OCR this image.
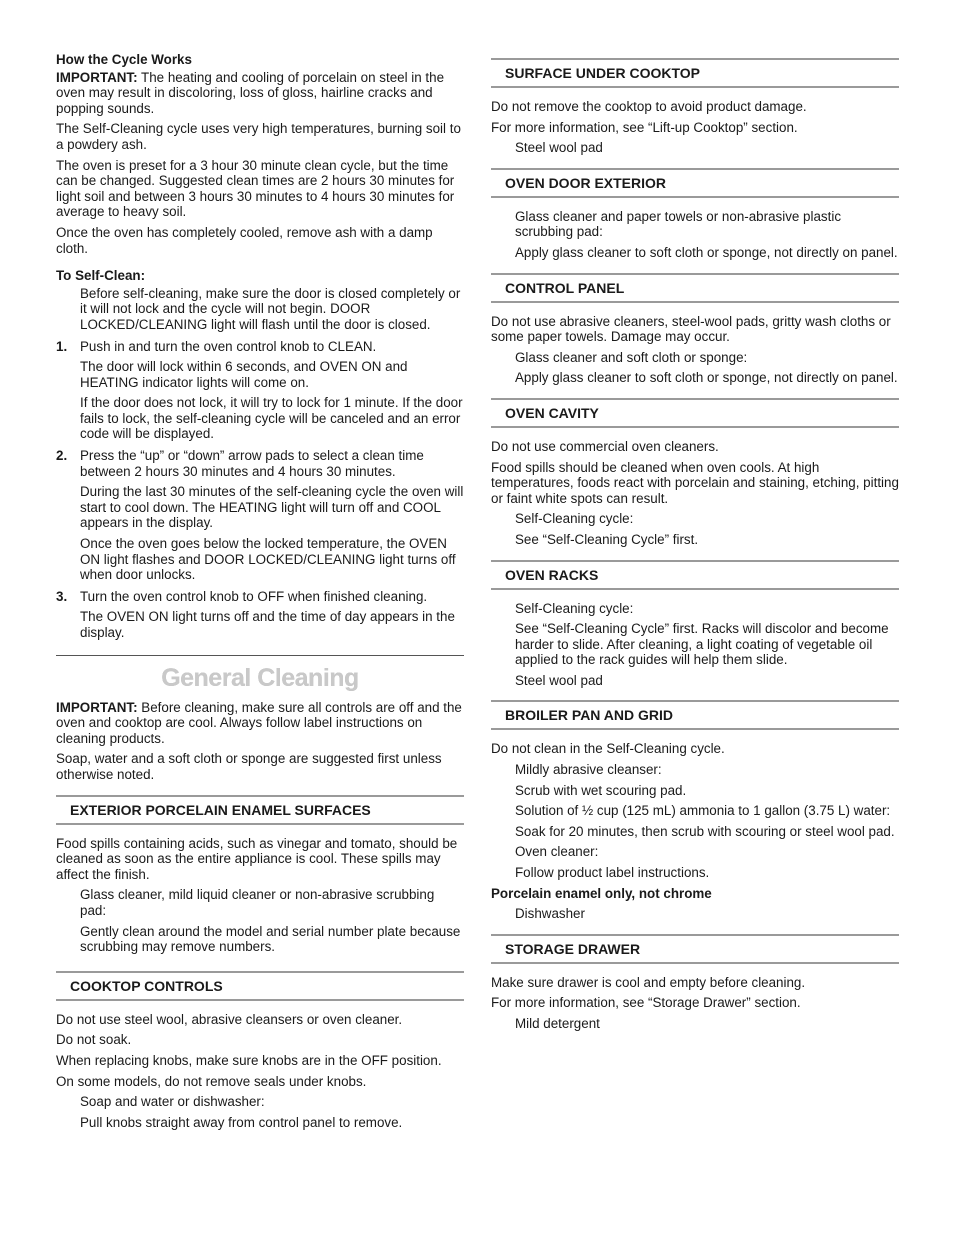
How the Cycle Works

IMPORTANT: The heating and cooling of porcelain on steel in the oven may result in discoloring, loss of gloss, hairline cracks and popping sounds.

The Self-Cleaning cycle uses very high temperatures, burning soil to a powdery ash.

The oven is preset for a 3 hour 30 minute clean cycle, but the time can be changed. Suggested clean times are 2 hours 30 minutes for light soil and between 3 hours 30 minutes to 4 hours 30 minutes for average to heavy soil.

Once the oven has completely cooled, remove ash with a damp cloth.

To Self-Clean:

Before self-cleaning, make sure the door is closed completely or it will not lock and the cycle will not begin. DOOR LOCKED/CLEANING light will flash until the door is closed.

1. Push in and turn the oven control knob to CLEAN.

The door will lock within 6 seconds, and OVEN ON and HEATING indicator lights will come on.

If the door does not lock, it will try to lock for 1 minute. If the door fails to lock, the self-cleaning cycle will be canceled and an error code will be displayed.

2. Press the “up” or “down” arrow pads to select a clean time between 2 hours 30 minutes and 4 hours 30 minutes.

During the last 30 minutes of the self-cleaning cycle the oven will start to cool down. The HEATING light will turn off and COOL appears in the display.

Once the oven goes below the locked temperature, the OVEN ON light flashes and DOOR LOCKED/CLEANING light turns off when door unlocks.

3. Turn the oven control knob to OFF when finished cleaning.

The OVEN ON light turns off and the time of day appears in the display.

General Cleaning

IMPORTANT: Before cleaning, make sure all controls are off and the oven and cooktop are cool. Always follow label instructions on cleaning products.

Soap, water and a soft cloth or sponge are suggested first unless otherwise noted.

EXTERIOR PORCELAIN ENAMEL SURFACES

Food spills containing acids, such as vinegar and tomato, should be cleaned as soon as the entire appliance is cool. These spills may affect the finish.

Glass cleaner, mild liquid cleaner or non-abrasive scrubbing pad:

Gently clean around the model and serial number plate because scrubbing may remove numbers.

COOKTOP CONTROLS

Do not use steel wool, abrasive cleansers or oven cleaner.

Do not soak.

When replacing knobs, make sure knobs are in the OFF position.

On some models, do not remove seals under knobs.

Soap and water or dishwasher:

Pull knobs straight away from control panel to remove.

SURFACE UNDER COOKTOP

Do not remove the cooktop to avoid product damage.

For more information, see “Lift-up Cooktop” section.

Steel wool pad

OVEN DOOR EXTERIOR

Glass cleaner and paper towels or non-abrasive plastic scrubbing pad:

Apply glass cleaner to soft cloth or sponge, not directly on panel.

CONTROL PANEL

Do not use abrasive cleaners, steel-wool pads, gritty wash cloths or some paper towels. Damage may occur.

Glass cleaner and soft cloth or sponge:

Apply glass cleaner to soft cloth or sponge, not directly on panel.

OVEN CAVITY

Do not use commercial oven cleaners.

Food spills should be cleaned when oven cools. At high temperatures, foods react with porcelain and staining, etching, pitting or faint white spots can result.

Self-Cleaning cycle:

See “Self-Cleaning Cycle” first.

OVEN RACKS

Self-Cleaning cycle:

See “Self-Cleaning Cycle” first. Racks will discolor and become harder to slide. After cleaning, a light coating of vegetable oil applied to the rack guides will help them slide.

Steel wool pad

BROILER PAN AND GRID

Do not clean in the Self-Cleaning cycle.

Mildly abrasive cleanser:

Scrub with wet scouring pad.

Solution of ½ cup (125 mL) ammonia to 1 gallon (3.75 L) water:

Soak for 20 minutes, then scrub with scouring or steel wool pad.

Oven cleaner:

Follow product label instructions.

Porcelain enamel only, not chrome

Dishwasher

STORAGE DRAWER

Make sure drawer is cool and empty before cleaning.

For more information, see “Storage Drawer” section.

Mild detergent
